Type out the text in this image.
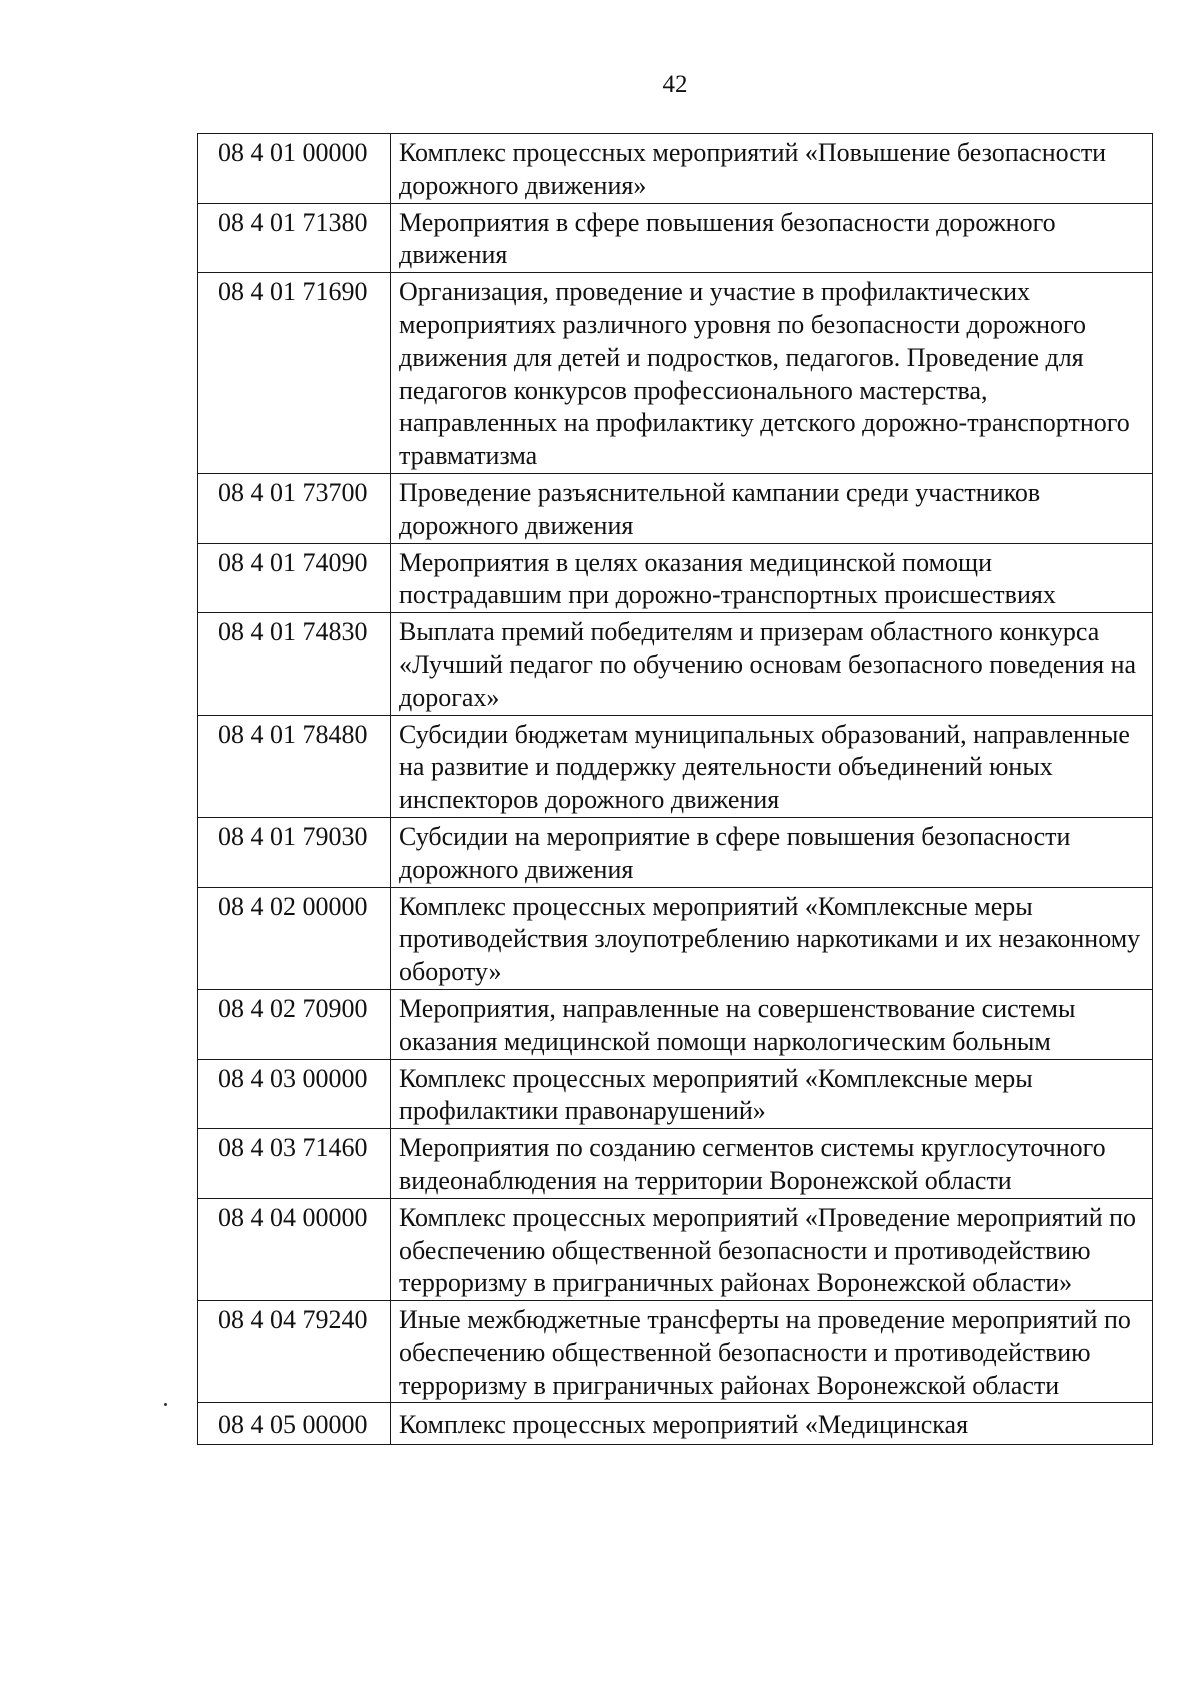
42
08 4 01 00000	Комплекс процессных мероприятий «Повышение безопасности дорожного движения»
08 4 01 71380	Мероприятия в сфере повышения безопасности дорожного движения
08 4 01 71690	Организация, проведение и участие в профилактических мероприятиях различного уровня по безопасности дорожного движения для детей и подростков, педагогов. Проведение для педагогов конкурсов профессионального мастерства, направленных на профилактику детского дорожно-транспортного травматизма
08 4 01 73700	Проведение разъяснительной кампании среди участников дорожного движения
08 4 01 74090	Мероприятия в целях оказания медицинской помощи пострадавшим при дорожно-транспортных происшествиях
08 4 01 74830	Выплата премий победителям и призерам областного конкурса «Лучший педагог по обучению основам безопасного поведения на дорогах»
08 4 01 78480	Субсидии бюджетам муниципальных образований, направленные на развитие и поддержку деятельности объединений юных инспекторов дорожного движения
08 4 01 79030	Субсидии на мероприятие в сфере повышения безопасности дорожного движения
08 4 02 00000	Комплекс процессных мероприятий «Комплексные меры противодействия злоупотреблению наркотиками и их незаконному обороту»
08 4 02 70900	Мероприятия, направленные на совершенствование системы оказания медицинской помощи наркологическим больным
08 4 03 00000	Комплекс процессных мероприятий «Комплексные меры профилактики правонарушений»
08 4 03 71460	Мероприятия по созданию сегментов системы круглосуточного видеонаблюдения на территории Воронежской области
08 4 04 00000	Комплекс процессных мероприятий «Проведение мероприятий по обеспечению общественной безопасности и противодействию терроризму в приграничных районах Воронежской области»
08 4 04 79240	Иные межбюджетные трансферты на проведение мероприятий по обеспечению общественной безопасности и противодействию терроризму в приграничных районах Воронежской области
08 4 05 00000	Комплекс процессных мероприятий «Медицинская
